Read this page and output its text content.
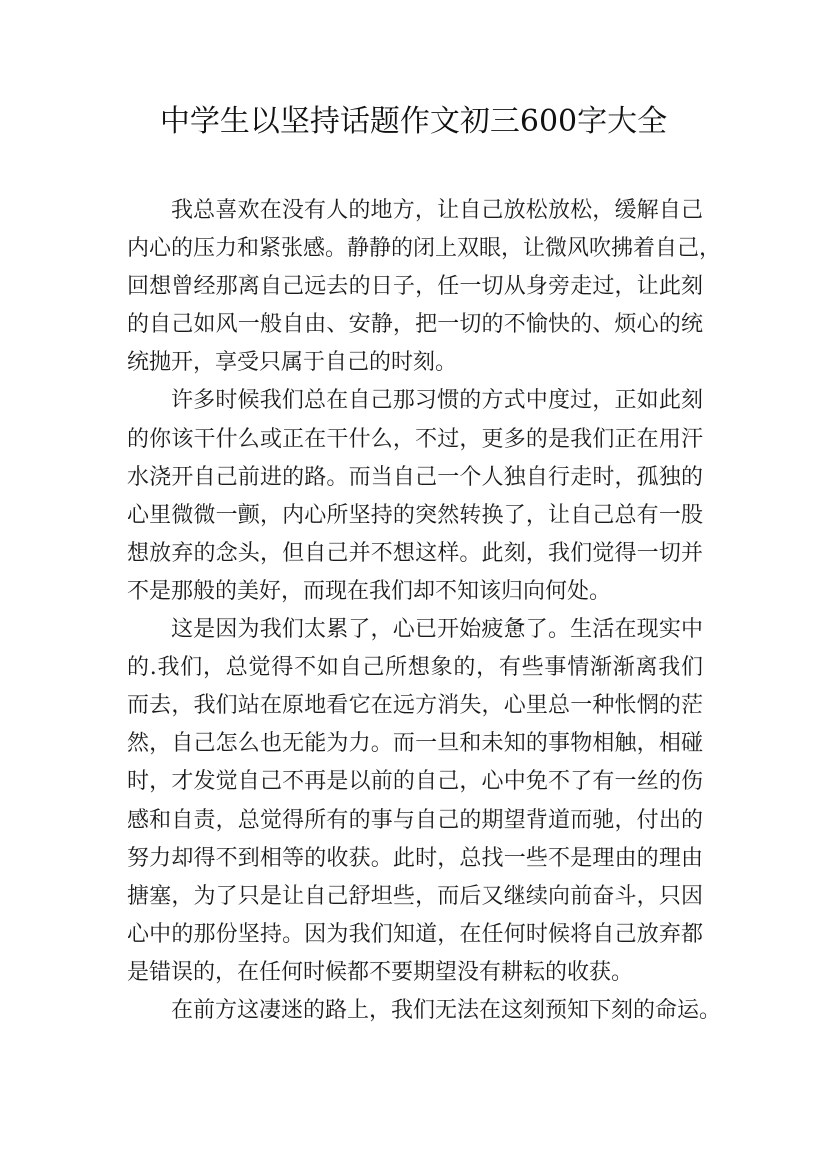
中学生以坚持话题作文初三600字大全
我总喜欢在没有人的地方，让自己放松放松，缓解自己
内心的压力和紧张感。静静的闭上双眼，让微风吹拂着自己，
回想曾经那离自己远去的日子，任一切从身旁走过，让此刻
的自己如风一般自由、安静，把一切的不愉快的、烦心的统
统抛开，享受只属于自己的时刻。
许多时候我们总在自己那习惯的方式中度过，正如此刻
的你该干什么或正在干什么，不过，更多的是我们正在用汗
水浇开自己前进的路。而当自己一个人独自行走时，孤独的
心里微微一颤，内心所坚持的突然转换了，让自己总有一股
想放弃的念头，但自己并不想这样。此刻，我们觉得一切并
不是那般的美好，而现在我们却不知该归向何处。
这是因为我们太累了，心已开始疲惫了。生活在现实中
的.我们，总觉得不如自己所想象的，有些事情渐渐离我们
而去，我们站在原地看它在远方消失，心里总一种怅惘的茫
然，自己怎么也无能为力。而一旦和未知的事物相触，相碰
时，才发觉自己不再是以前的自己，心中免不了有一丝的伤
感和自责，总觉得所有的事与自己的期望背道而驰，付出的
努力却得不到相等的收获。此时，总找一些不是理由的理由
搪塞，为了只是让自己舒坦些，而后又继续向前奋斗，只因
心中的那份坚持。因为我们知道，在任何时候将自己放弃都
是错误的，在任何时候都不要期望没有耕耘的收获。
在前方这凄迷的路上，我们无法在这刻预知下刻的命运。
